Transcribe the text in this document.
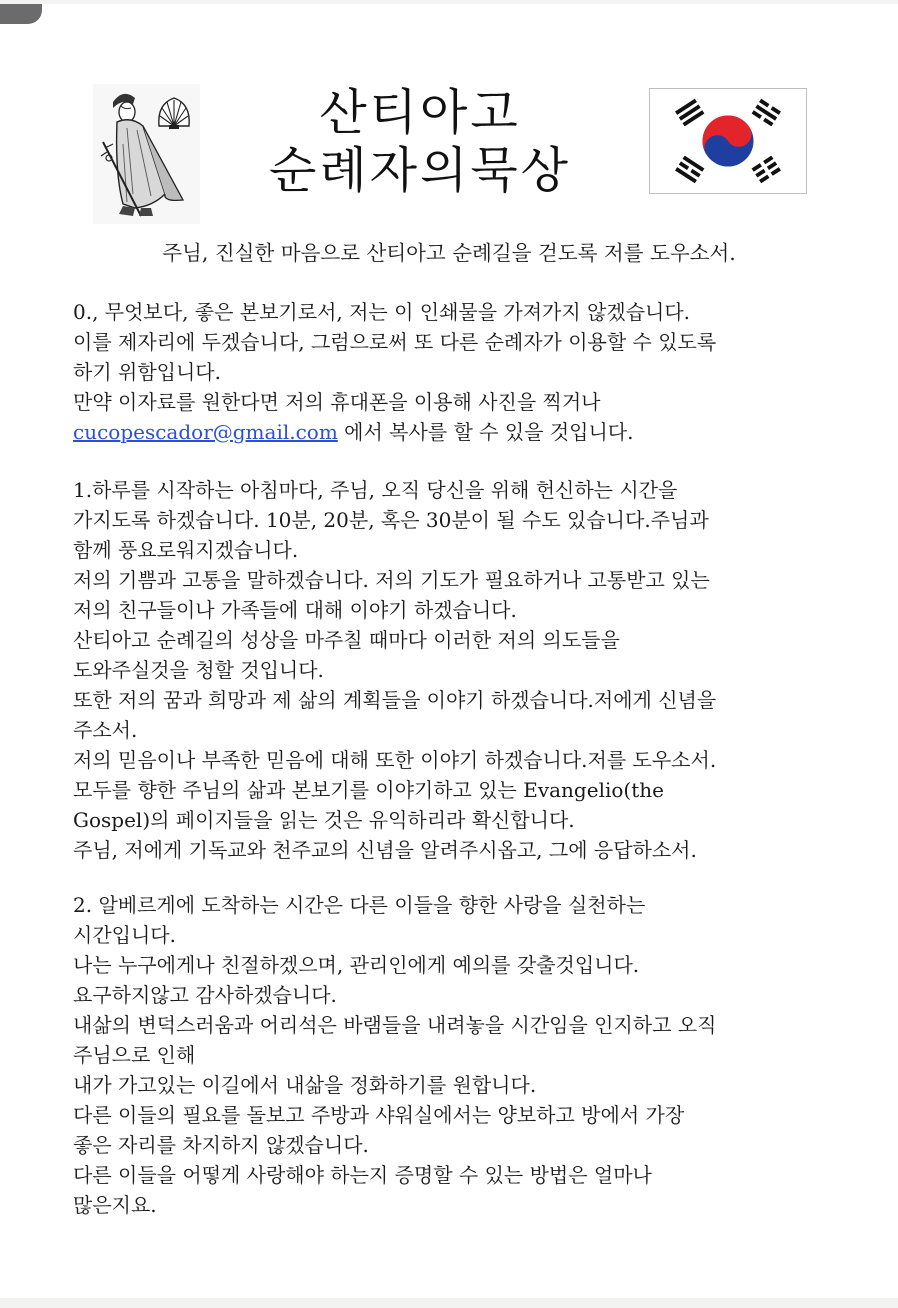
산티아고
순례자의묵상
주님, 진실한 마음으로 산티아고 순례길을 걷도록 저를 도우소서.
0., 무엇보다, 좋은 본보기로서, 저는 이 인쇄물을 가져가지 않겠습니다.
이를 제자리에 두겠습니다, 그럼으로써 또 다른 순례자가 이용할 수 있도록
하기 위함입니다.
만약 이자료를 원한다면 저의 휴대폰을 이용해 사진을 찍거나
cucopescador@gmail.com 에서 복사를 할 수 있을 것입니다.
1.하루를 시작하는 아침마다, 주님, 오직 당신을 위해 헌신하는 시간을
가지도록 하겠습니다. 10분, 20분, 혹은 30분이 될 수도 있습니다.주님과
함께 풍요로워지겠습니다.
저의 기쁨과 고통을 말하겠습니다. 저의 기도가 필요하거나 고통받고 있는
저의 친구들이나 가족들에 대해 이야기 하겠습니다.
산티아고 순례길의 성상을 마주칠 때마다 이러한 저의 의도들을
도와주실것을 청할 것입니다.
또한 저의 꿈과 희망과 제 삶의 계획들을 이야기 하겠습니다.저에게 신념을
주소서.
저의 믿음이나 부족한 믿음에 대해 또한 이야기 하겠습니다.저를 도우소서.
모두를 향한 주님의 삶과 본보기를 이야기하고 있는 Evangelio(the
Gospel)의 페이지들을 읽는 것은 유익하리라 확신합니다.
주님, 저에게 기독교와 천주교의 신념을 알려주시옵고, 그에 응답하소서.
2. 알베르게에 도착하는 시간은 다른 이들을 향한 사랑을 실천하는
시간입니다.
나는 누구에게나 친절하겠으며, 관리인에게 예의를 갖출것입니다.
요구하지않고 감사하겠습니다.
내삶의 변덕스러움과 어리석은 바램들을 내려놓을 시간임을 인지하고 오직
주님으로 인해
내가 가고있는 이길에서 내삶을 정화하기를 원합니다.
다른 이들의 필요를 돌보고 주방과 샤워실에서는 양보하고 방에서 가장
좋은 자리를 차지하지 않겠습니다.
다른 이들을 어떻게 사랑해야 하는지 증명할 수 있는 방법은 얼마나
많은지요.
